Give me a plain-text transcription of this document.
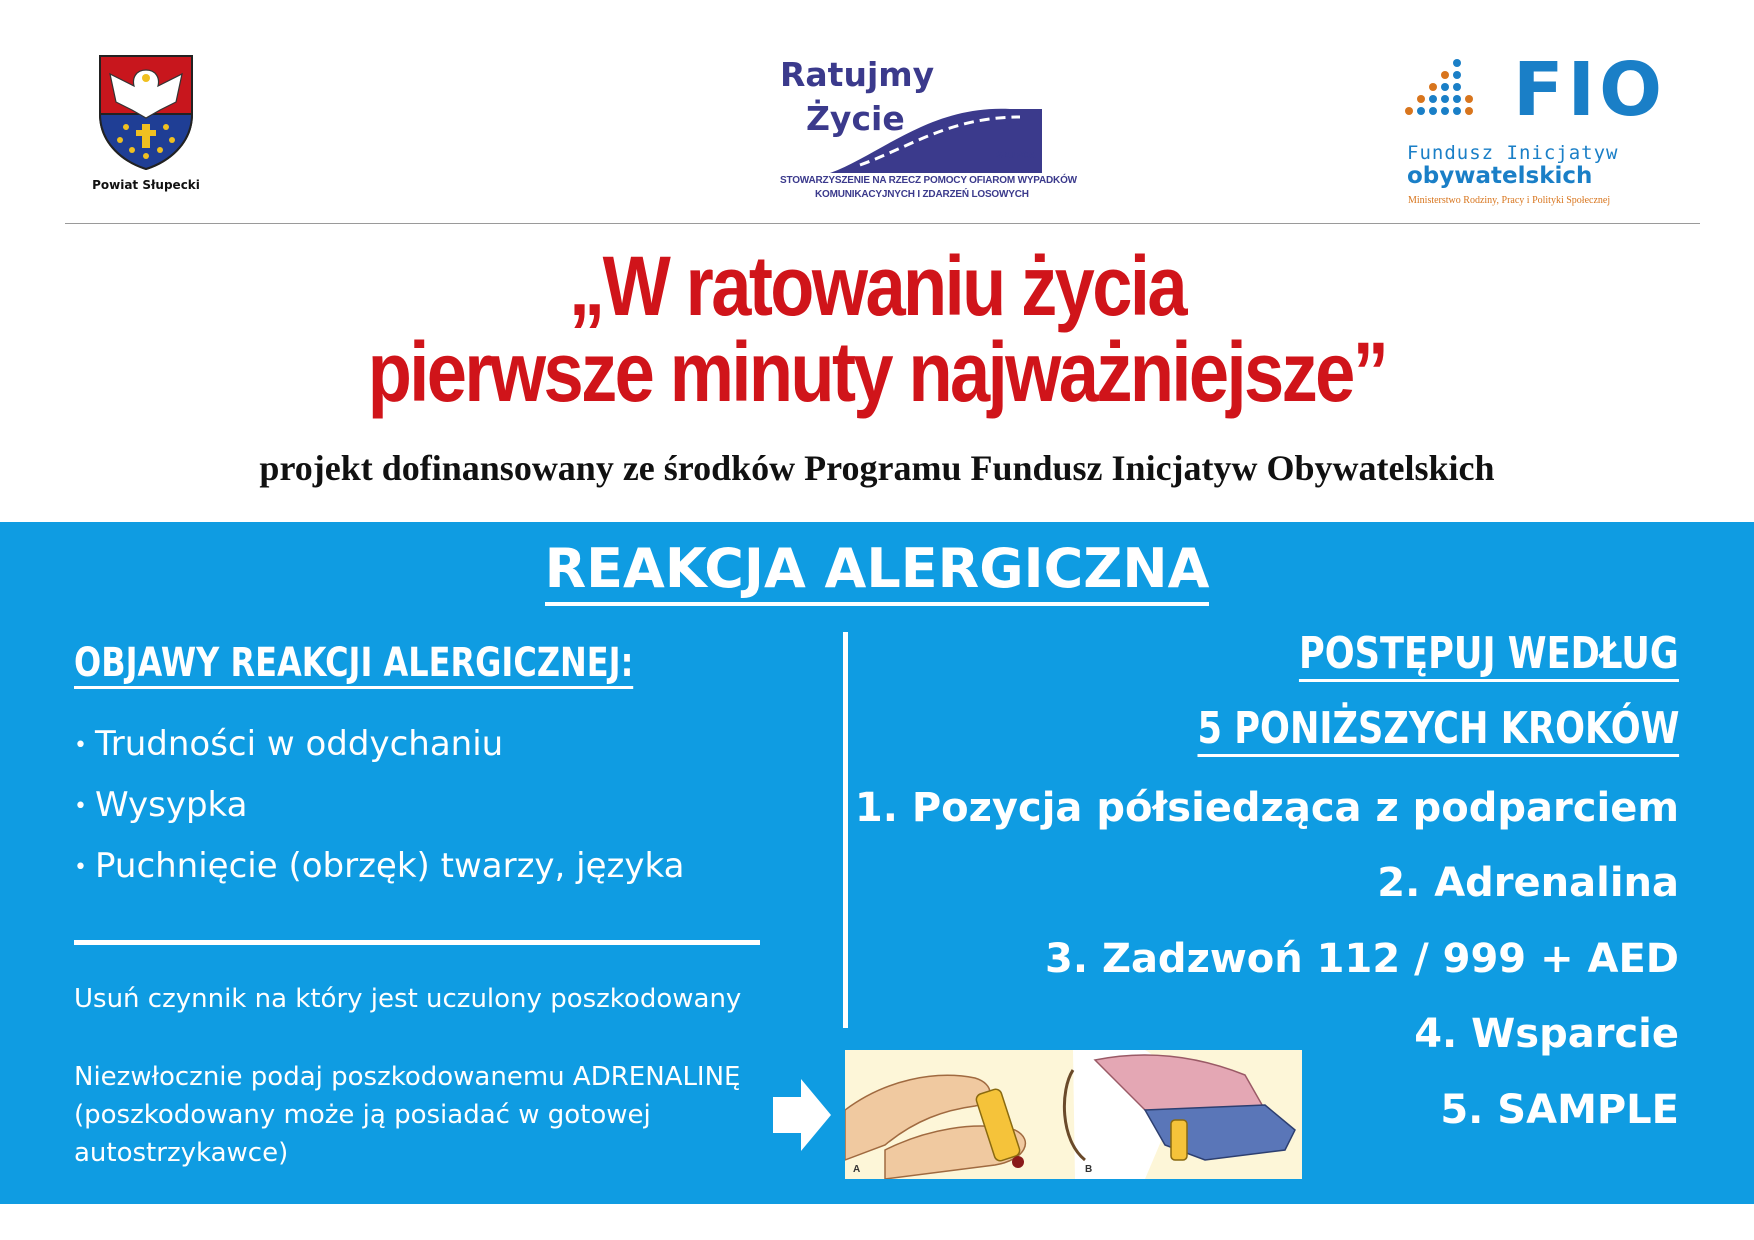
Powiat Słupecki
Ratujmy
Życie
SŁUPCA
STOWARZYSZENIE NA RZECZ POMOCY OFIAROM WYPADKÓW
KOMUNIKACYJNYCH I ZDARZEŃ LOSOWYCH
FIO
Fundusz Inicjatyw
obywatelskich
Ministerstwo Rodziny, Pracy i Polityki Społecznej
„W ratowaniu życia
pierwsze minuty najważniejsze”
projekt dofinansowany ze środków Programu Fundusz Inicjatyw Obywatelskich
REAKCJA ALERGICZNA
OBJAWY REAKCJI ALERGICZNEJ:
• Trudności w oddychaniu
• Wysypka
• Puchnięcie (obrzęk) twarzy, języka
Usuń czynnik na który jest uczulony poszkodowany
Niezwłocznie podaj poszkodowanemu ADRENALINĘ (poszkodowany może ją posiadać w gotowej autostrzykawce)
A	B
POSTĘPUJ WEDŁUG
5 PONIŻSZYCH KROKÓW
1. Pozycja półsiedząca z podparciem
2. Adrenalina
3. Zadzwoń 112 / 999 + AED
4. Wsparcie
5. SAMPLE
